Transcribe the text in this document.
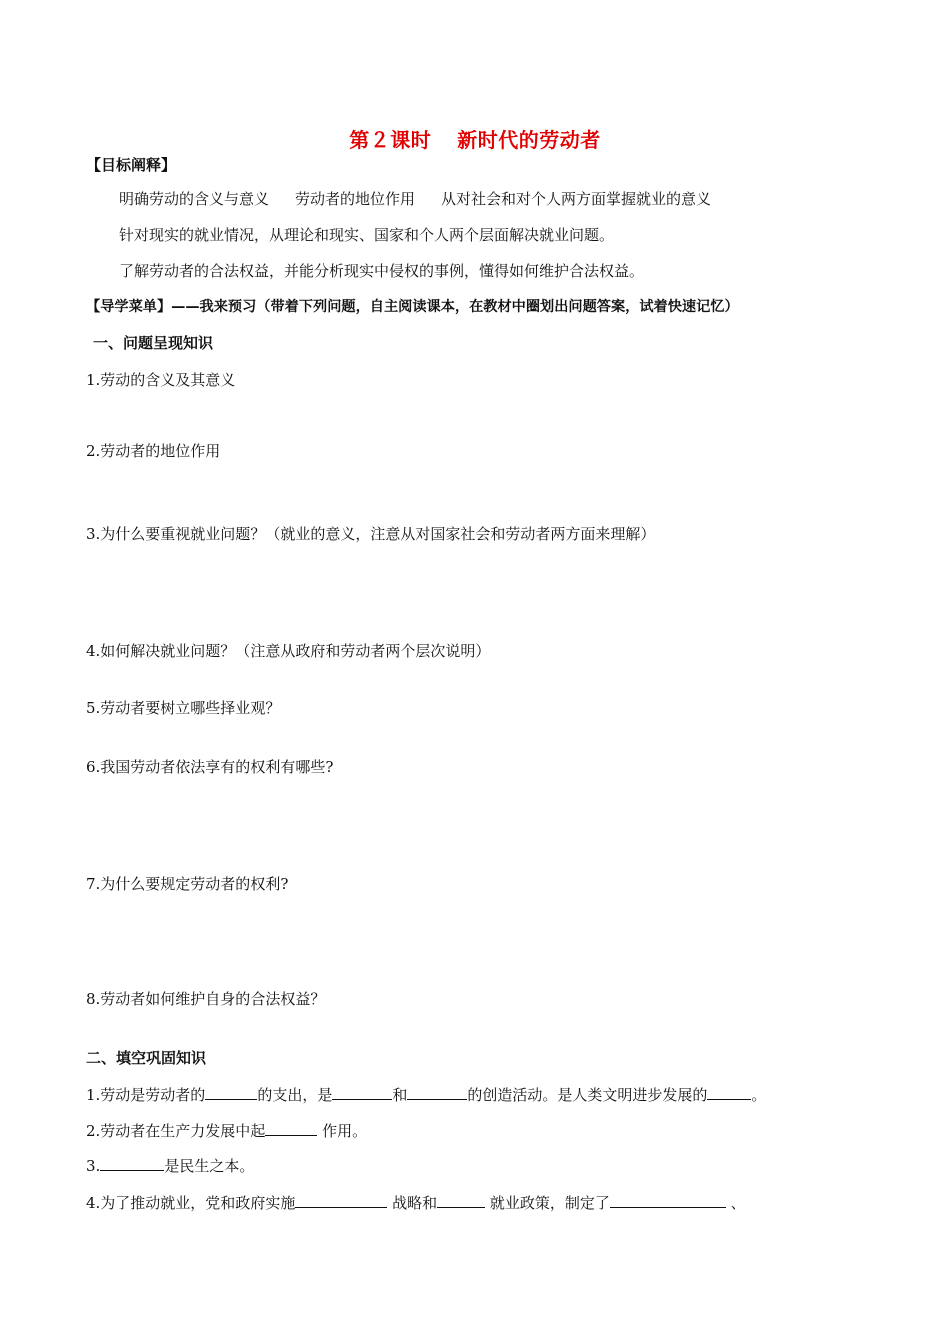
第２课时 新时代的劳动者
【目标阐释】
明确劳动的含义与意义 劳动者的地位作用 从对社会和对个人两方面掌握就业的意义
针对现实的就业情况，从理论和现实、国家和个人两个层面解决就业问题。
了解劳动者的合法权益，并能分析现实中侵权的事例，懂得如何维护合法权益。
【导学菜单】——我来预习（带着下列问题，自主阅读课本，在教材中圈划出问题答案，试着快速记忆）
一、问题呈现知识
1.劳动的含义及其意义
2.劳动者的地位作用
3.为什么要重视就业问题？（就业的意义，注意从对国家社会和劳动者两方面来理解）
4.如何解决就业问题？（注意从政府和劳动者两个层次说明）
5.劳动者要树立哪些择业观？
6.我国劳动者依法享有的权利有哪些?
7.为什么要规定劳动者的权利?
8.劳动者如何维护自身的合法权益？
二、填空巩固知识
1.劳动是劳动者的	的支出，是	和	的创造活动。是人类文明进步发展的	。
2.劳动者在生产力发展中起	作用。
3.	是民生之本。
4.为了推动就业，党和政府实施	战略和	就业政策，制定了	、
